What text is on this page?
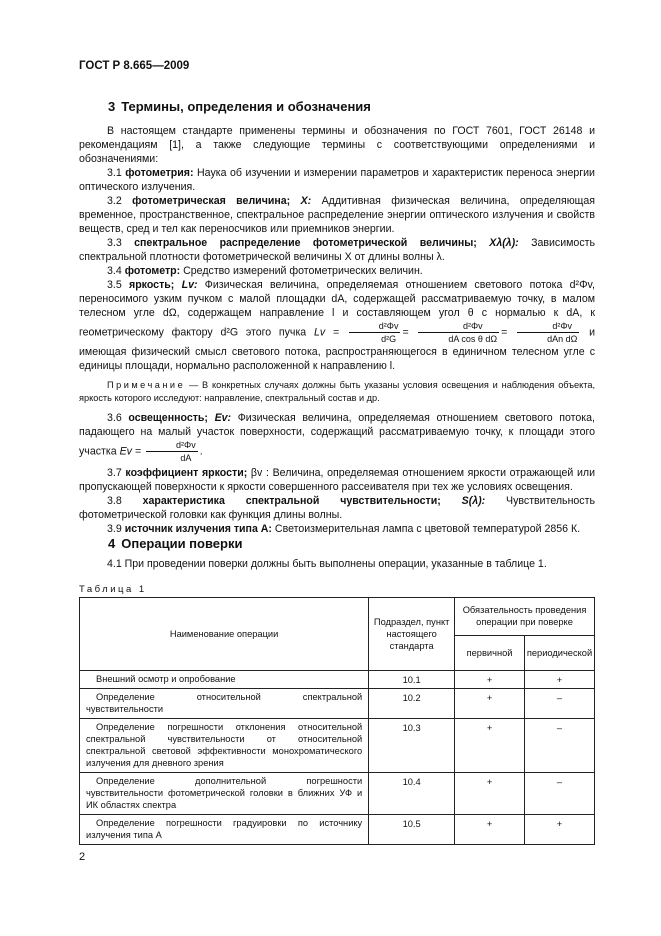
ГОСТ Р 8.665—2009
3 Термины, определения и обозначения

В настоящем стандарте применены термины и обозначения по ГОСТ 7601, ГОСТ 26148 и рекомендациям [1], а также следующие термины с соответствующими определениями и обозначениями:

3.1 фотометрия: Наука об изучении и измерении параметров и характеристик переноса энергии оптического излучения.

3.2 фотометрическая величина; X: Аддитивная физическая величина, определяющая временное, пространственное, спектральное распределение энергии оптического излучения и свойств веществ, сред и тел как переносчиков или приемников энергии.

3.3 спектральное распределение фотометрической величины; Xλ(λ): Зависимость спектральной плотности фотометрической величины X от длины волны λ.

3.4 фотометр: Средство измерений фотометрических величин.

3.5 яркость; Lv: Физическая величина, определяемая отношением светового потока d²Φv, переносимого узким пучком с малой площадки dA, содержащей рассматриваемую точку, в малом телесном угле dΩ, содержащем направление l и составляющем угол θ с нормалью к dA, к геометрическому фактору d²G этого пучка $Lv = \frac{\text{d²Φv}}{\text{d²G}} = \frac{\text{d²Φv}}{\text{dA cos θ dΩ}} = \frac{\text{d²Φv}}{\text{dAn dΩ}}$ и имеющая физический смысл светового потока, распространяющегося в единичном телесном угле с единицы площади, нормально расположенной к направлению l.

Примечание — В конкретных случаях должны быть указаны условия освещения и наблюдения объекта, яркость которого исследуют: направление, спектральный состав и др.

3.6 освещенность; Ev: Физическая величина, определяемая отношением светового потока, падающего на малый участок поверхности, содержащий рассматриваемую точку, к площади этого участка $Ev = \frac{\text{d²Φv}}{dA}$ .

3.7 коэффициент яркости; βv : Величина, определяемая отношением яркости отражающей или пропускающей поверхности к яркости совершенного рассеивателя при тех же условиях освещения.

3.8 характеристика спектральной чувствительности; S(λ): Чувствительность фотометрической головки как функция длины волны.

3.9 источник излучения типа А: Светоизмерительная лампа с цветовой температурой 2856 К.

4 Операции поверки

4.1 При проведении поверки должны быть выполнены операции, указанные в таблице 1.

Таблица 1
Наименование операции	Подраздел, пункт настоящего стандарта	Обязательность проведения операции при поверке	
		первичной	периодической

Внешний осмотр и опробование	10.1	+	+

Определение относительной спектральной чувствительности	10.2	+	–

Определение погрешности отклонения относительной спектральной чувствительности от относительной спектральной световой эффективности монохроматического излучения для дневного зрения	10.3	+	–

Определение дополнительной погрешности чувствительности фотометрической головки в ближних УФ и ИК областях спектра	10.4	+	–

Определение погрешности градуировки по источнику излучения типа А	10.5	+	+
2
